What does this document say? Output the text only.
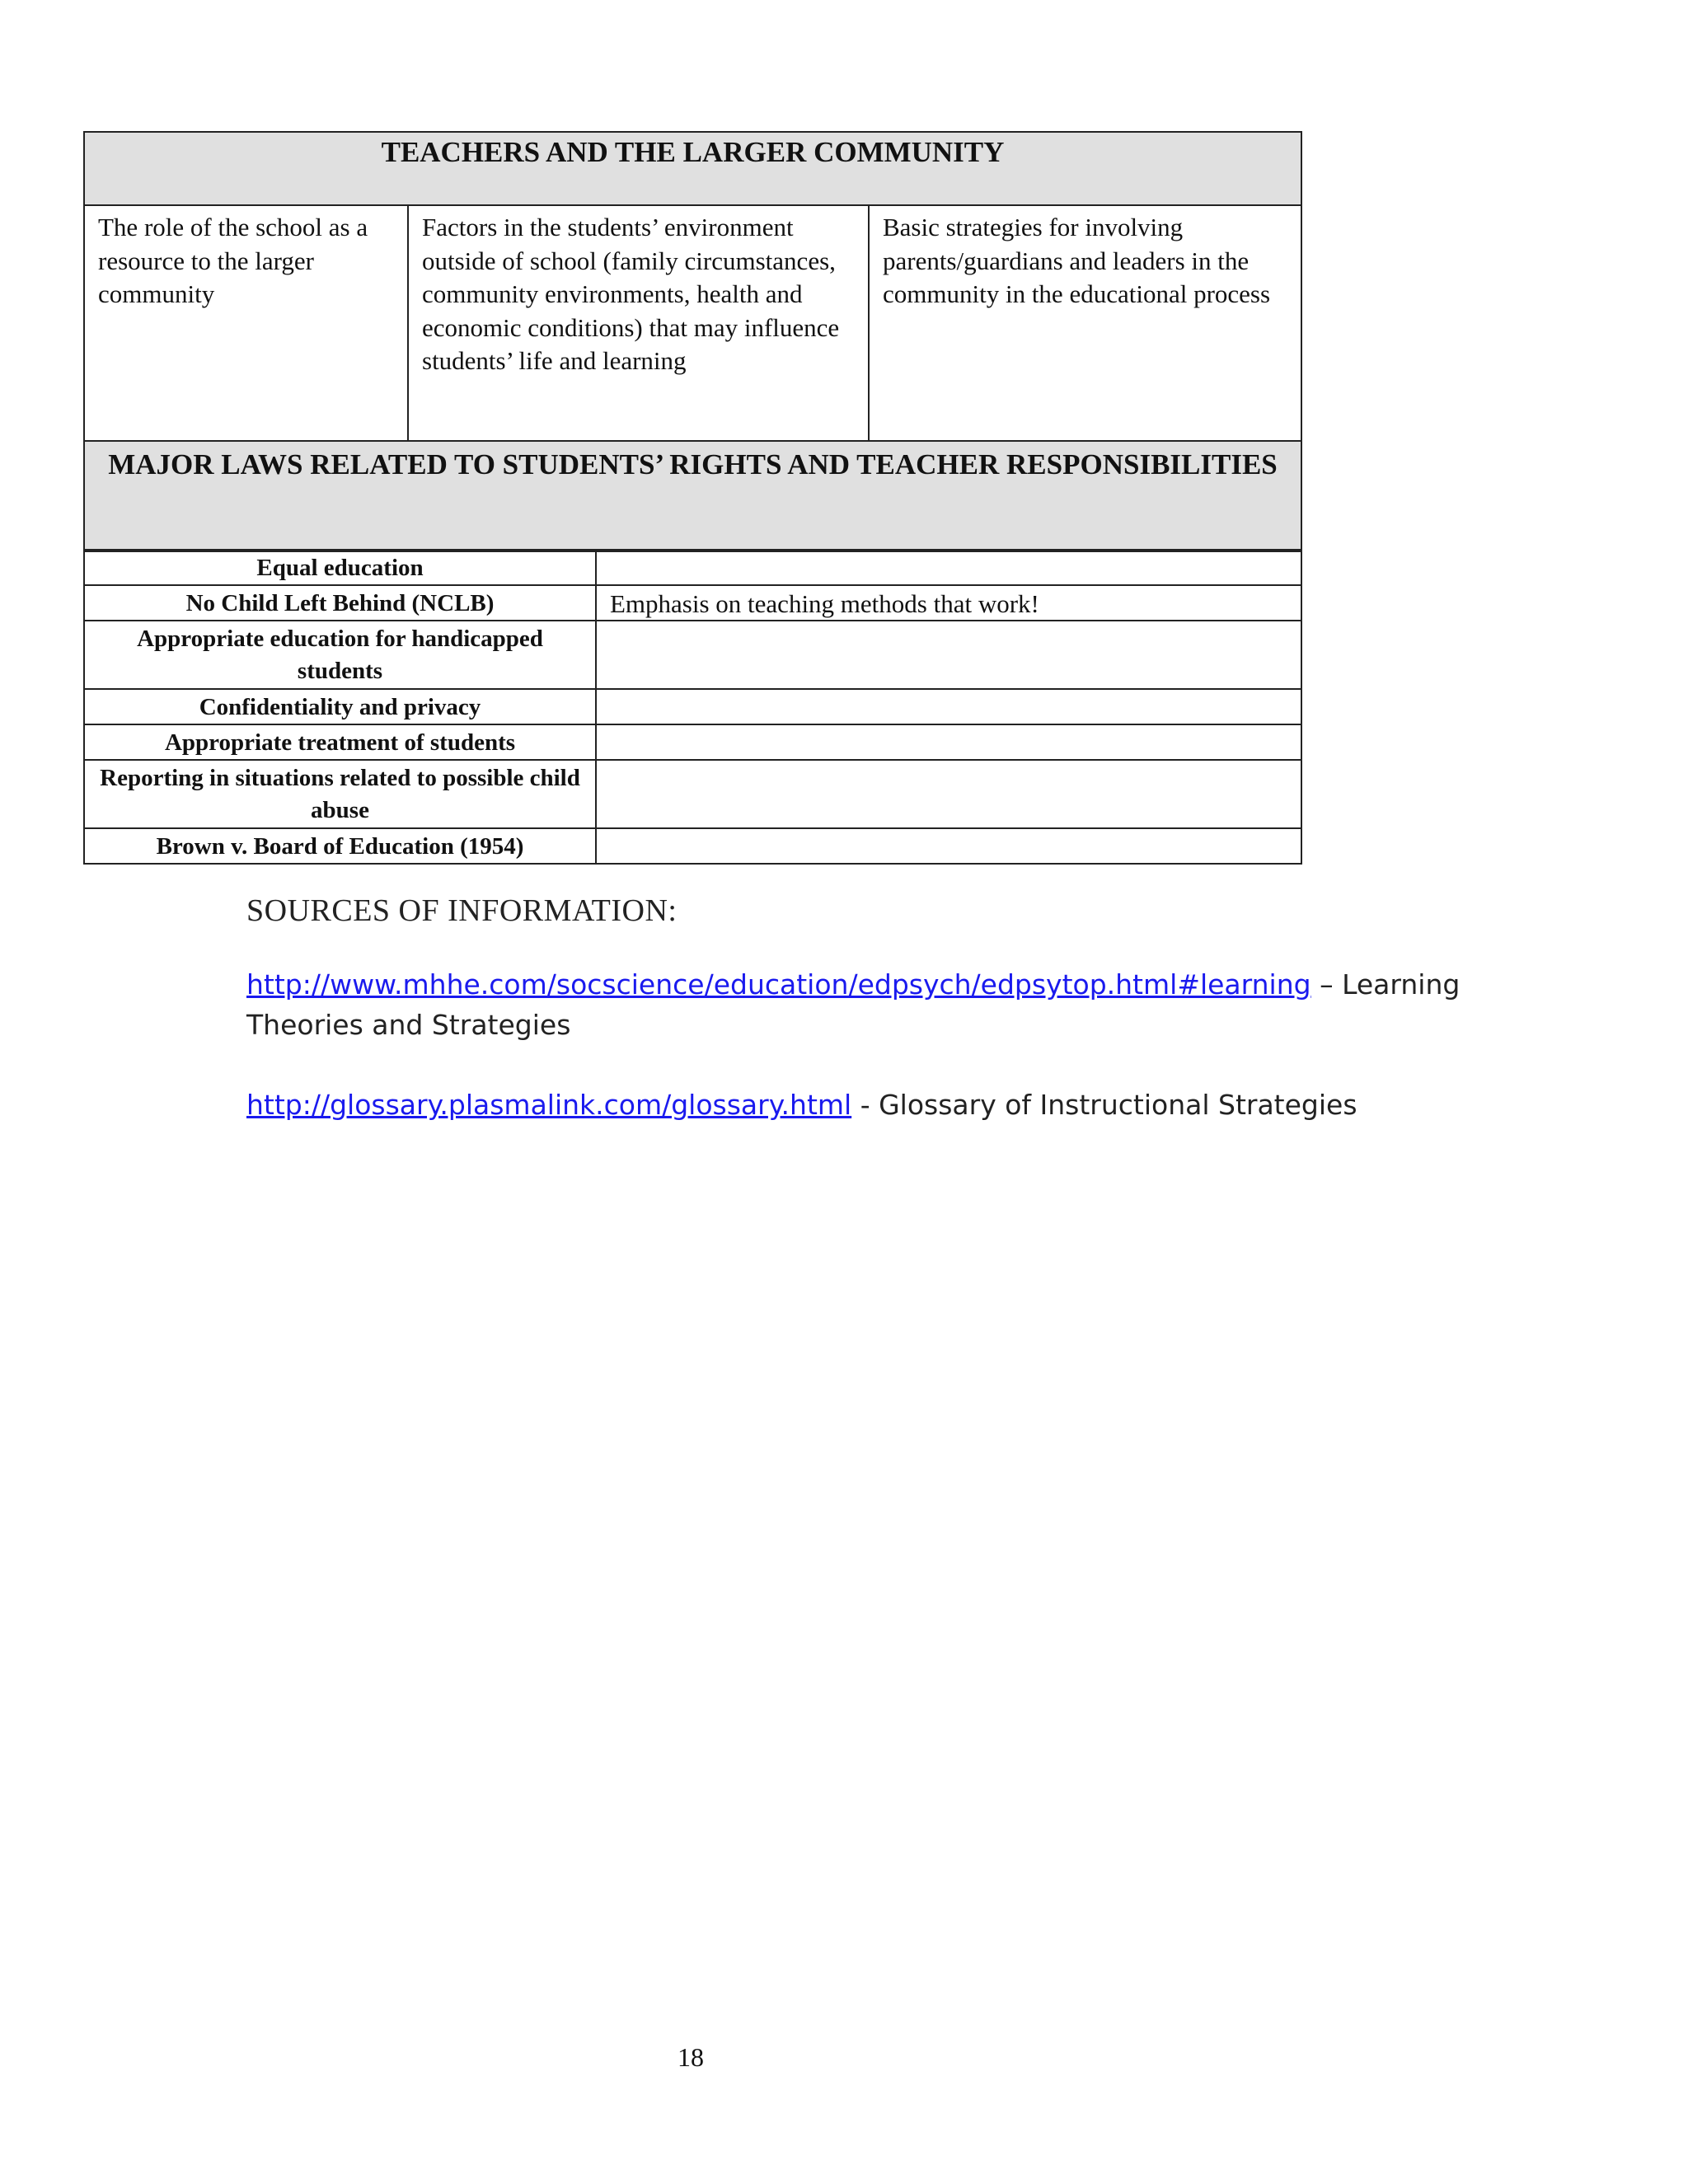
TEACHERS AND THE LARGER COMMUNITY
The role of the school as a resource to the larger community	Factors in the students’ environment outside of school (family circumstances, community environments, health and economic conditions) that may influence students’ life and learning	Basic strategies for involving parents/guardians and leaders in the community in the educational process
MAJOR LAWS RELATED TO STUDENTS’ RIGHTS AND TEACHER RESPONSIBILITIES
Equal education	
No Child Left Behind (NCLB)	Emphasis on teaching methods that work!
Appropriate education for handicapped students	
Confidentiality and privacy	
Appropriate treatment of students	
Reporting in situations related to possible child abuse	
Brown v. Board of Education (1954)	
SOURCES OF INFORMATION:
http://www.mhhe.com/socscience/education/edpsych/edpsytop.html#learning – Learning Theories and Strategies
http://glossary.plasmalink.com/glossary.html - Glossary of Instructional Strategies
18
